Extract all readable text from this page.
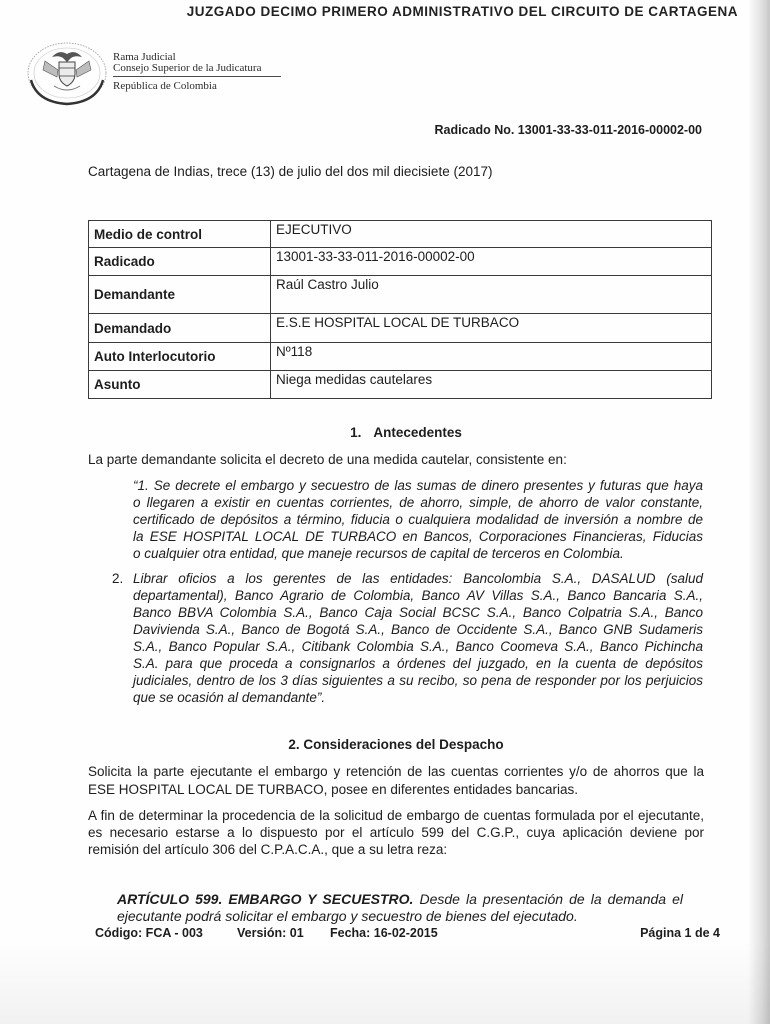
JUZGADO DECIMO PRIMERO ADMINISTRATIVO DEL CIRCUITO DE CARTAGENA
Rama Judicial
Consejo Superior de la Judicatura
República de Colombia
Radicado No. 13001-33-33-011-2016-00002-00
Cartagena de Indias, trece (13) de julio del dos mil diecisiete (2017)
Medio de control	EJECUTIVO
Radicado	13001-33-33-011-2016-00002-00
Demandante	Raúl Castro Julio
Demandado	E.S.E HOSPITAL LOCAL DE TURBACO
Auto Interlocutorio	Nº118
Asunto	Niega medidas cautelares
1. Antecedentes
La parte demandante solicita el decreto de una medida cautelar, consistente en:
“1. Se decrete el embargo y secuestro de las sumas de dinero presentes y futuras que haya
o llegaren a existir en cuentas corrientes, de ahorro, simple, de ahorro de valor constante,
certificado de depósitos a término, fiducia o cualquiera modalidad de inversión a nombre de
la ESE HOSPITAL LOCAL DE TURBACO en Bancos, Corporaciones Financieras, Fiducias
o cualquier otra entidad, que maneje recursos de capital de terceros en Colombia.
2. Librar oficios a los gerentes de las entidades: Bancolombia S.A., DASALUD (salud
departamental), Banco Agrario de Colombia, Banco AV Villas S.A., Banco Bancaria S.A.,
Banco BBVA Colombia S.A., Banco Caja Social BCSC S.A., Banco Colpatria S.A., Banco
Davivienda S.A., Banco de Bogotá S.A., Banco de Occidente S.A., Banco GNB Sudameris
S.A., Banco Popular S.A., Citibank Colombia S.A., Banco Coomeva S.A., Banco Pichincha
S.A. para que proceda a consignarlos a órdenes del juzgado, en la cuenta de depósitos
judiciales, dentro de los 3 días siguientes a su recibo, so pena de responder por los perjuicios
que se ocasión al demandante”.
2. Consideraciones del Despacho
Solicita la parte ejecutante el embargo y retención de las cuentas corrientes y/o de ahorros que la
ESE HOSPITAL LOCAL DE TURBACO, posee en diferentes entidades bancarias.
A fin de determinar la procedencia de la solicitud de embargo de cuentas formulada por el ejecutante,
es necesario estarse a lo dispuesto por el artículo 599 del C.G.P., cuya aplicación deviene por
remisión del artículo 306 del C.P.A.C.A., que a su letra reza:
ARTÍCULO 599. EMBARGO Y SECUESTRO. Desde la presentación de la demanda el
ejecutante podrá solicitar el embargo y secuestro de bienes del ejecutado.
Código: FCA - 003	Versión: 01 Fecha: 16-02-2015	Página 1 de 4
